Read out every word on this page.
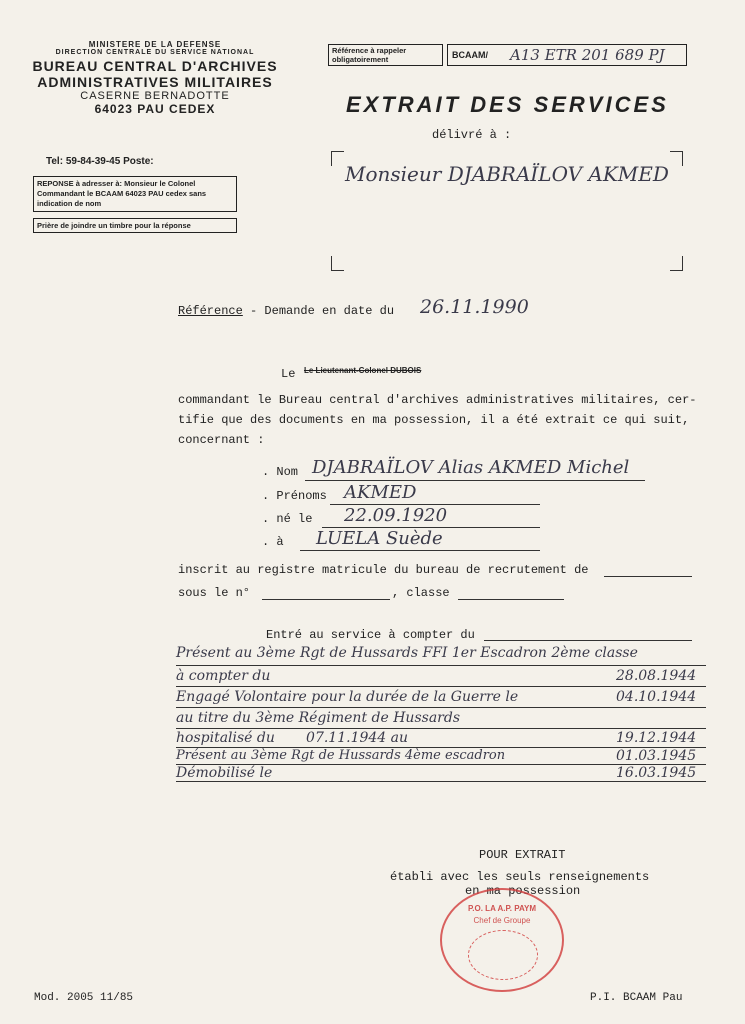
MINISTERE DE LA DEFENSE
DIRECTION CENTRALE DU SERVICE NATIONAL
BUREAU CENTRAL D'ARCHIVES
ADMINISTRATIVES MILITAIRES
CASERNE BERNADOTTE
64023 PAU CEDEX
Tel: 59-84-39-45 Poste:
REPONSE à adresser à: Monsieur le Colonel Commandant le BCAAM 64023 PAU cedex sans indication de nom
Prière de joindre un timbre pour la réponse
Référence à rappeler obligatoirement	BCAAM/ A13 ETR 201 689 PJ
EXTRAIT DES SERVICES
délivré à :
Monsieur DJABRAÏLOV AKMED
Référence - Demande en date du 26.11.1990
Le Le Lieutenant-Colonel DUBOIS
commandant le Bureau central d'archives administratives militaires, cer-
tifie que des documents en ma possession, il a été extrait ce qui suit,
concernant :
. Nom DJABRAÏLOV Alias AKMED Michel
. Prénoms AKMED
. né le 22.09.1920
. à LUELA Suède
inscrit au registre matricule du bureau de recrutement de
sous le n°	, classe
Entré au service à compter du
Présent au 3ème Rgt de Hussards FFI 1er Escadron 2ème classe
à compter du	28.08.1944
Engagé Volontaire pour la durée de la Guerre le	04.10.1944
au titre du 3ème Régiment de Hussards
hospitalisé du       07.11.1944 au	19.12.1944
Présent au 3ème Rgt de Hussards 4ème escadron	01.03.1945
Démobilisé le	16.03.1945
POUR EXTRAIT
établi avec les seuls renseignements
en ma possession
P.O. LA A.P. PAYM
Chef de Groupe
Mod. 2005 11/85	P.I. BCAAM Pau
